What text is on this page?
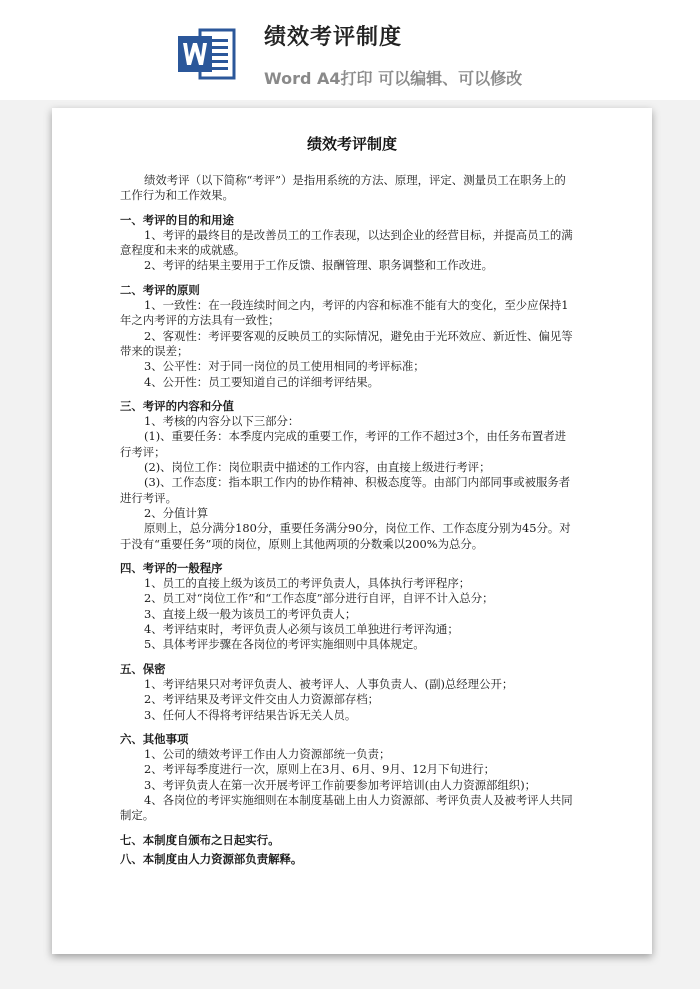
绩效考评制度
Word A4打印 可以编辑、可以修改
绩效考评制度
绩效考评（以下简称“考评”）是指用系统的方法、原理，评定、测量员工在职务上的
工作行为和工作效果。
一、考评的目的和用途
1、考评的最终目的是改善员工的工作表现，以达到企业的经营目标，并提高员工的满
意程度和未来的成就感。
2、考评的结果主要用于工作反馈、报酬管理、职务调整和工作改进。
二、考评的原则
1、一致性：在一段连续时间之内，考评的内容和标准不能有大的变化，至少应保持1
年之内考评的方法具有一致性；
2、客观性：考评要客观的反映员工的实际情况，避免由于光环效应、新近性、偏见等
带来的误差；
3、公平性：对于同一岗位的员工使用相同的考评标准；
4、公开性：员工要知道自己的详细考评结果。
三、考评的内容和分值
1、考核的内容分以下三部分：
(1)、重要任务：本季度内完成的重要工作，考评的工作不超过3个，由任务布置者进
行考评；
(2)、岗位工作：岗位职责中描述的工作内容，由直接上级进行考评；
(3)、工作态度：指本职工作内的协作精神、积极态度等。由部门内部同事或被服务者
进行考评。
2、分值计算
原则上，总分满分180分，重要任务满分90分，岗位工作、工作态度分别为45分。对
于没有“重要任务”项的岗位，原则上其他两项的分数乘以200%为总分。
四、考评的一般程序
1、员工的直接上级为该员工的考评负责人，具体执行考评程序；
2、员工对“岗位工作”和“工作态度”部分进行自评，自评不计入总分；
3、直接上级一般为该员工的考评负责人；
4、考评结束时，考评负责人必须与该员工单独进行考评沟通；
5、具体考评步骤在各岗位的考评实施细则中具体规定。
五、保密
1、考评结果只对考评负责人、被考评人、人事负责人、(副)总经理公开；
2、考评结果及考评文件交由人力资源部存档；
3、任何人不得将考评结果告诉无关人员。
六、其他事项
1、公司的绩效考评工作由人力资源部统一负责；
2、考评每季度进行一次，原则上在3月、6月、9月、12月下旬进行；
3、考评负责人在第一次开展考评工作前要参加考评培训(由人力资源部组织)；
4、各岗位的考评实施细则在本制度基础上由人力资源部、考评负责人及被考评人共同
制定。
七、本制度自颁布之日起实行。
八、本制度由人力资源部负责解释。
